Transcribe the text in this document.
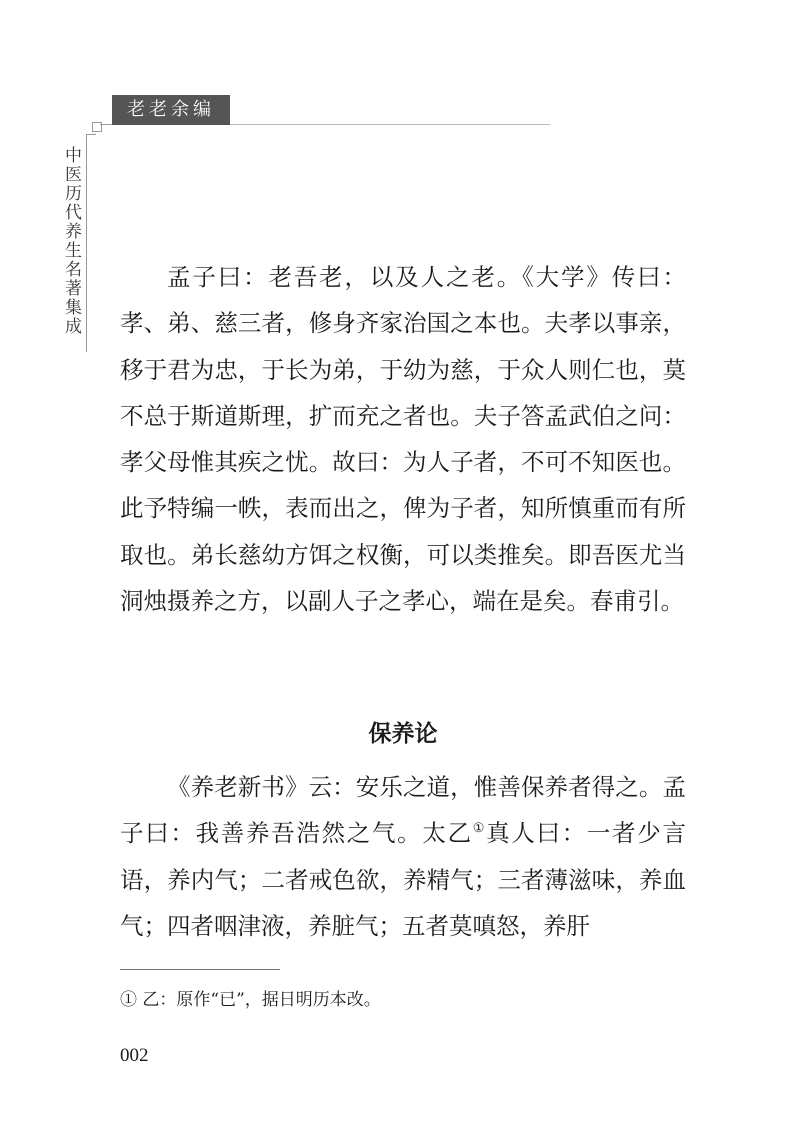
老老余编
中医历代养生名著集成	孟子曰：老吾老，以及人之老。《大学》传曰：孝、弟、慈三者，修身齐家治国之本也。夫孝以事亲，移于君为忠，于长为弟，于幼为慈，于众人则仁也，莫不总于斯道斯理，扩而充之者也。夫子答孟武伯之问：孝父母惟其疾之忧。故曰：为人子者，不可不知医也。此予特编一帙，表而出之，俾为子者，知所慎重而有所取也。弟长慈幼方饵之权衡，可以类推矣。即吾医尤当洞烛摄养之方，以副人子之孝心，端在是矣。春甫引。

保养论

《养老新书》云：安乐之道，惟善保养者得之。孟子曰：我善养吾浩然之气。太乙①真人曰：一者少言语，养内气；二者戒色欲，养精气；三者薄滋味，养血气；四者咽津液，养脏气；五者莫嗔怒，养肝

① 乙：原作“已”，据日明历本改。

002
